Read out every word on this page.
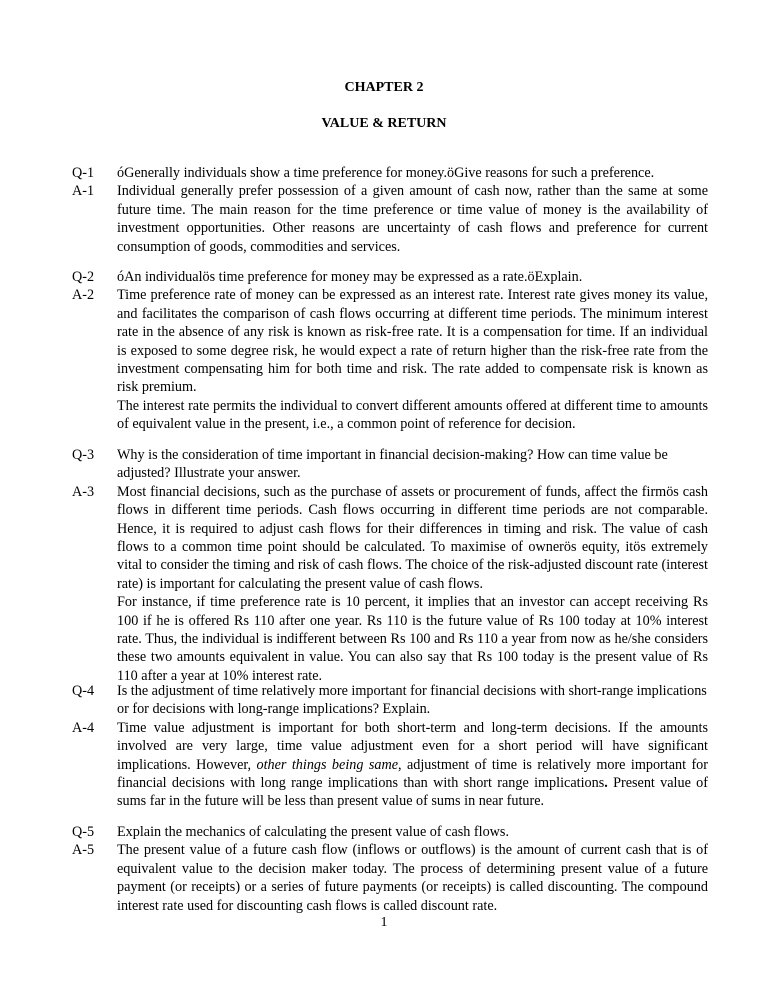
CHAPTER 2
VALUE & RETURN
Q-1	óGenerally individuals show a time preference for money.öGive reasons for such a preference.
A-1	Individual generally prefer possession of a given amount of cash now, rather than the same at some future time. The main reason for the time preference or time value of money is the availability of investment opportunities. Other reasons are uncertainty of cash flows and preference for current consumption of goods, commodities and services.

Q-2	óAn individualös time preference for money may be expressed as a rate.öExplain.
A-2	Time preference rate of money can be expressed as an interest rate. Interest rate gives money its value, and facilitates the comparison of cash flows occurring at different time periods. The minimum interest rate in the absence of any risk is known as risk-free rate. It is a compensation for time. If an individual is exposed to some degree risk, he would expect a rate of return higher than the risk-free rate from the investment compensating him for both time and risk. The rate added to compensate risk is known as risk premium.

The interest rate permits the individual to convert different amounts offered at different time to amounts of equivalent value in the present, i.e., a common point of reference for decision.

Q-3	Why is the consideration of time important in financial decision-making? How can time value be adjusted? Illustrate your answer.
A-3	Most financial decisions, such as the purchase of assets or procurement of funds, affect the firmös cash flows in different time periods. Cash flows occurring in different time periods are not comparable. Hence, it is required to adjust cash flows for their differences in timing and risk. The value of cash flows to a common time point should be calculated. To maximise of ownerös equity, itös extremely vital to consider the timing and risk of cash flows. The choice of the risk-adjusted discount rate (interest rate) is important for calculating the present value of cash flows.

For instance, if time preference rate is 10 percent, it implies that an investor can accept receiving Rs 100 if he is offered Rs 110 after one year. Rs 110 is the future value of Rs 100 today at 10% interest rate. Thus, the individual is indifferent between Rs 100 and Rs 110 a year from now as he/she considers these two amounts equivalent in value. You can also say that Rs 100 today is the present value of Rs 110 after a year at 10% interest rate.

Q-4	Is the adjustment of time relatively more important for financial decisions with short-range implications or for decisions with long-range implications? Explain.
A-4	Time value adjustment is important for both short-term and long-term decisions. If the amounts involved are very large, time value adjustment even for a short period will have significant implications. However, other things being same, adjustment of time is relatively more important for financial decisions with long range implications than with short range implications. Present value of sums far in the future will be less than present value of sums in near future.

Q-5	Explain the mechanics of calculating the present value of cash flows.
A-5	The present value of a future cash flow (inflows or outflows) is the amount of current cash that is of equivalent value to the decision maker today. The process of determining present value of a future payment (or receipts) or a series of future payments (or receipts) is called discounting. The compound interest rate used for discounting cash flows is called discount rate.

1
